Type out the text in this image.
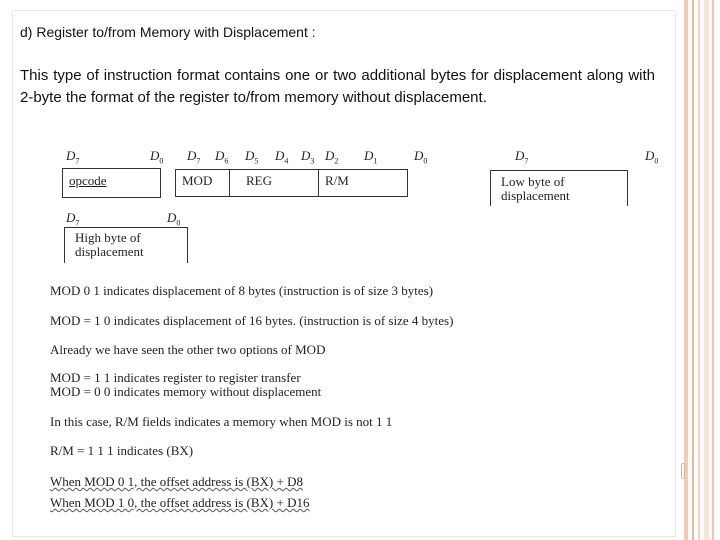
d) Register to/from Memory with Displacement :
This type of instruction format contains one or two additional bytes for displacement along with 2-byte the format of the register to/from memory without displacement.
$D_7$	$D_0$ $D_7$ $D_6$ $D_5$ $D_4$ $D_3$ $D_2$ $D_1$	$D_0$	$D_7$	$D_0$
$D_7$	$D_0$
opcode	MOD	REG	R/M	Low byte of displacement
High byte of displacement
MOD 0 1 indicates displacement of 8 bytes (instruction is of size 3 bytes)
MOD = 1 0 indicates displacement of 16 bytes. (instruction is of size 4 bytes)
Already we have seen the other two options of MOD
MOD = 1 1 indicates register to register transfer
MOD = 0 0 indicates memory without displacement
In this case, R/M fields indicates a memory when MOD is not 1 1
R/M = 1 1 1 indicates (BX)
When MOD 0 1, the offset address is (BX) + D8
When MOD 1 0, the offset address is (BX) + D16
